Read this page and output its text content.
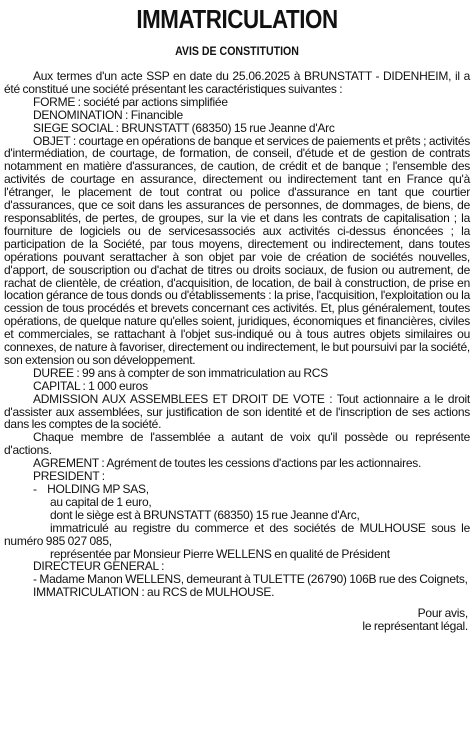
IMMATRICULATION
AVIS DE CONSTITUTION

Aux termes d'un acte SSP en date du 25.06.2025 à BRUNSTATT - DIDENHEIM, il a été constitué une société présentant les caractéristiques suivantes :

FORME : société par actions simplifiée

DENOMINATION : Financible

SIEGE SOCIAL : BRUNSTATT (68350) 15 rue Jeanne d'Arc

OBJET : courtage en opérations de banque et services de paiements et prêts ; activités d'intermédiation, de courtage, de formation, de conseil, d'étude et de gestion de contrats notamment en matière d'assurances, de caution, de crédit et de banque ; l'ensemble des activités de courtage en assurance, directement ou indirectement tant en France qu'à l'étranger, le placement de tout contrat ou police d'assurance en tant que courtier d'assurances, que ce soit dans les assurances de personnes, de dommages, de biens, de responsablités, de pertes, de groupes, sur la vie et dans les contrats de capitalisation ; la fourniture de logiciels ou de servicesassociés aux activités ci-dessus énoncées ; la participation de la Société, par tous moyens, directement ou indirectement, dans toutes opérations pouvant serattacher à son objet par voie de création de sociétés nouvelles, d'apport, de souscription ou d'achat de titres ou droits sociaux, de fusion ou autrement, de rachat de clientèle, de création, d'acquisition, de location, de bail à construction, de prise en location gérance de tous donds ou d'établissements : la prise, l'acquisition, l'exploitation ou la cession de tous procédés et brevets concernant ces activités. Et, plus généralement, toutes opérations, de quelque nature qu'elles soient, juridiques, économiques et financières, civiles et commerciales, se rattachant à l'objet sus-indiqué ou à tous autres objets similaires ou connexes, de nature à favoriser, directement ou indirectement, le but poursuivi par la société, son extension ou son développement.

DUREE : 99 ans à compter de son immatriculation au RCS

CAPITAL : 1 000 euros

ADMISSION AUX ASSEMBLEES ET DROIT DE VOTE : Tout actionnaire a le droit d'assister aux assemblées, sur justification de son identité et de l'inscription de ses actions dans les comptes de la société.

Chaque membre de l'assemblée a autant de voix qu'il possède ou représente d'actions.

AGREMENT : Agrément de toutes les cessions d'actions par les actionnaires.

PRESIDENT :

-    HOLDING MP SAS,

au capital de 1 euro,

dont le siège est à BRUNSTATT (68350) 15 rue Jeanne d'Arc,

immatriculé au registre du commerce et des sociétés de MULHOUSE sous le numéro 985 027 085,

représentée par Monsieur Pierre WELLENS en qualité de Président

DIRECTEUR GENERAL :

- Madame Manon WELLENS, demeurant à TULETTE (26790) 106B rue des Coignets,

IMMATRICULATION : au RCS de MULHOUSE.

Pour avis,

le représentant légal.
